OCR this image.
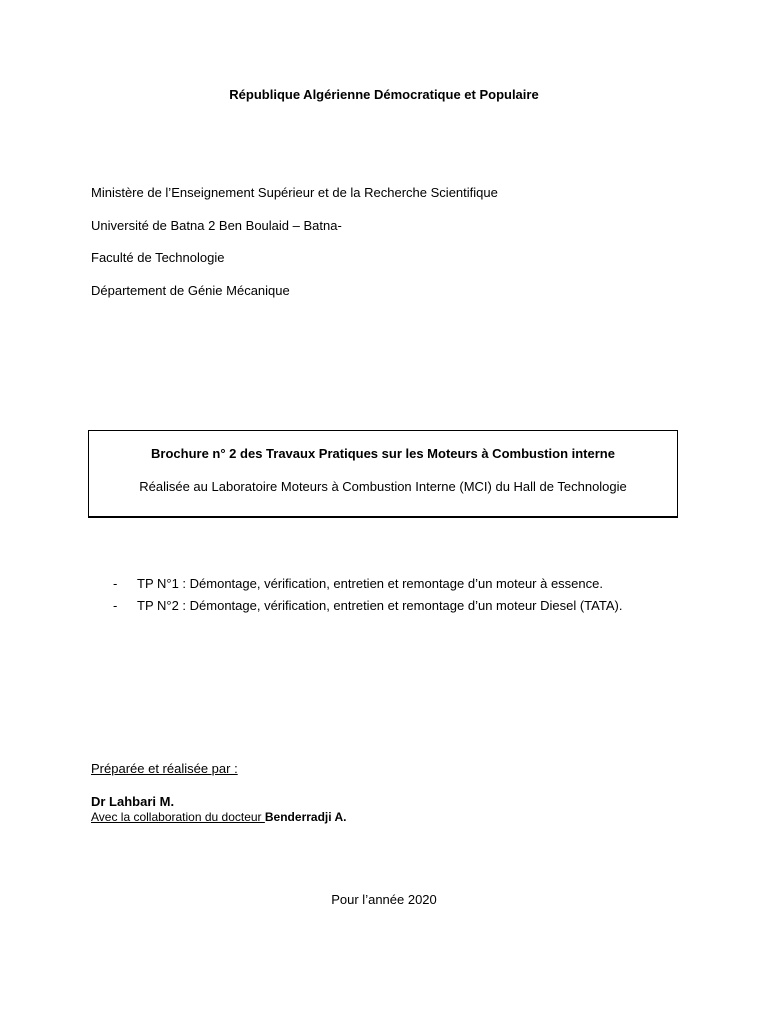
République Algérienne Démocratique et Populaire
Ministère de l’Enseignement Supérieur et de la Recherche Scientifique
Université de Batna 2 Ben Boulaid – Batna-
Faculté de Technologie
Département de Génie Mécanique
Brochure n° 2 des Travaux Pratiques sur les Moteurs à Combustion interne
Réalisée au Laboratoire Moteurs à Combustion Interne (MCI) du Hall de Technologie
- TP N°1 : Démontage, vérification, entretien et remontage d’un moteur à essence.
- TP N°2 : Démontage, vérification, entretien et remontage d’un moteur Diesel (TATA).
Préparée et réalisée par :
Dr Lahbari M.
Avec la collaboration du docteur Benderradji A.
Pour l’année 2020
